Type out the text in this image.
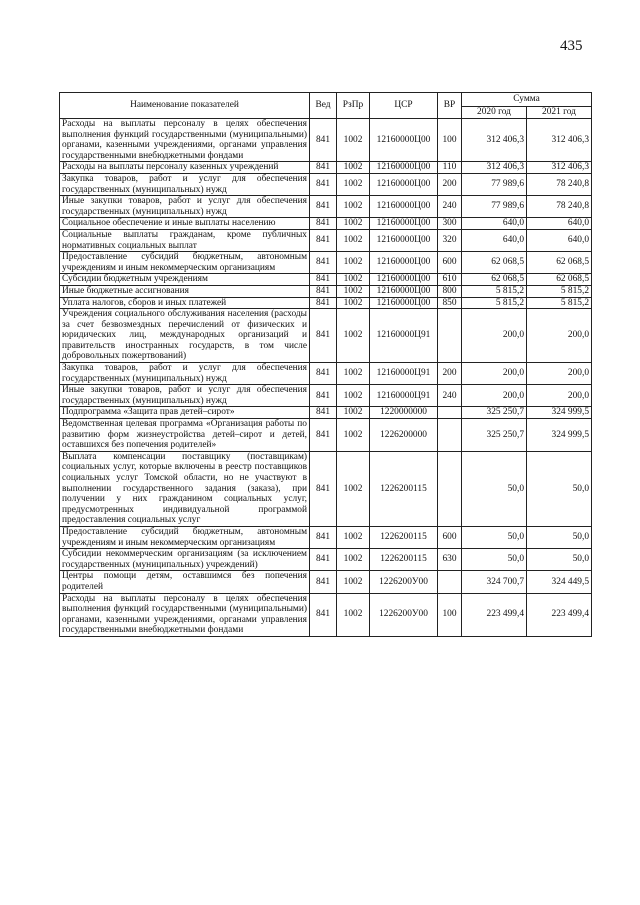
435
Наименование показателей	Вед	РзПр	ЦСР	ВР	Сумма	
					2020 год	2021 год
Расходы на выплаты персоналу в целях обеспечения выполнения функций государственными (муниципальными) органами, казенными учреждениями, органами управления государственными внебюджетными фондами	841	1002	12160000Ц00	100	312 406,3	312 406,3
Расходы на выплаты персоналу казенных учреждений	841	1002	12160000Ц00	110	312 406,3	312 406,3
Закупка товаров, работ и услуг для обеспечения государственных (муниципальных) нужд	841	1002	12160000Ц00	200	77 989,6	78 240,8
Иные закупки товаров, работ и услуг для обеспечения государственных (муниципальных) нужд	841	1002	12160000Ц00	240	77 989,6	78 240,8
Социальное обеспечение и иные выплаты населению	841	1002	12160000Ц00	300	640,0	640,0
Социальные выплаты гражданам, кроме публичных нормативных социальных выплат	841	1002	12160000Ц00	320	640,0	640,0
Предоставление субсидий бюджетным, автономным учреждениям и иным некоммерческим организациям	841	1002	12160000Ц00	600	62 068,5	62 068,5
Субсидии бюджетным учреждениям	841	1002	12160000Ц00	610	62 068,5	62 068,5
Иные бюджетные ассигнования	841	1002	12160000Ц00	800	5 815,2	5 815,2
Уплата налогов, сборов и иных платежей	841	1002	12160000Ц00	850	5 815,2	5 815,2
Учреждения социального обслуживания населения (расходы за счет безвозмездных перечислений от физических и юридических лиц, международных организаций и правительств иностранных государств, в том числе добровольных пожертвований)	841	1002	12160000Ц91		200,0	200,0
Закупка товаров, работ и услуг для обеспечения государственных (муниципальных) нужд	841	1002	12160000Ц91	200	200,0	200,0
Иные закупки товаров, работ и услуг для обеспечения государственных (муниципальных) нужд	841	1002	12160000Ц91	240	200,0	200,0
Подпрограмма «Защита прав детей–сирот»	841	1002	1220000000		325 250,7	324 999,5
Ведомственная целевая программа «Организация работы по развитию форм жизнеустройства детей–сирот и детей, оставшихся без попечения родителей»	841	1002	1226200000		325 250,7	324 999,5
Выплата компенсации поставщику (поставщикам) социальных услуг, которые включены в реестр поставщиков социальных услуг Томской области, но не участвуют в выполнении государственного задания (заказа), при получении у них гражданином социальных услуг, предусмотренных индивидуальной программой предоставления социальных услуг	841	1002	1226200115		50,0	50,0
Предоставление субсидий бюджетным, автономным учреждениям и иным некоммерческим организациям	841	1002	1226200115	600	50,0	50,0
Субсидии некоммерческим организациям (за исключением государственных (муниципальных) учреждений)	841	1002	1226200115	630	50,0	50,0
Центры помощи детям, оставшимся без попечения родителей	841	1002	1226200У00		324 700,7	324 449,5
Расходы на выплаты персоналу в целях обеспечения выполнения функций государственными (муниципальными) органами, казенными учреждениями, органами управления государственными внебюджетными фондами	841	1002	1226200У00	100	223 499,4	223 499,4
